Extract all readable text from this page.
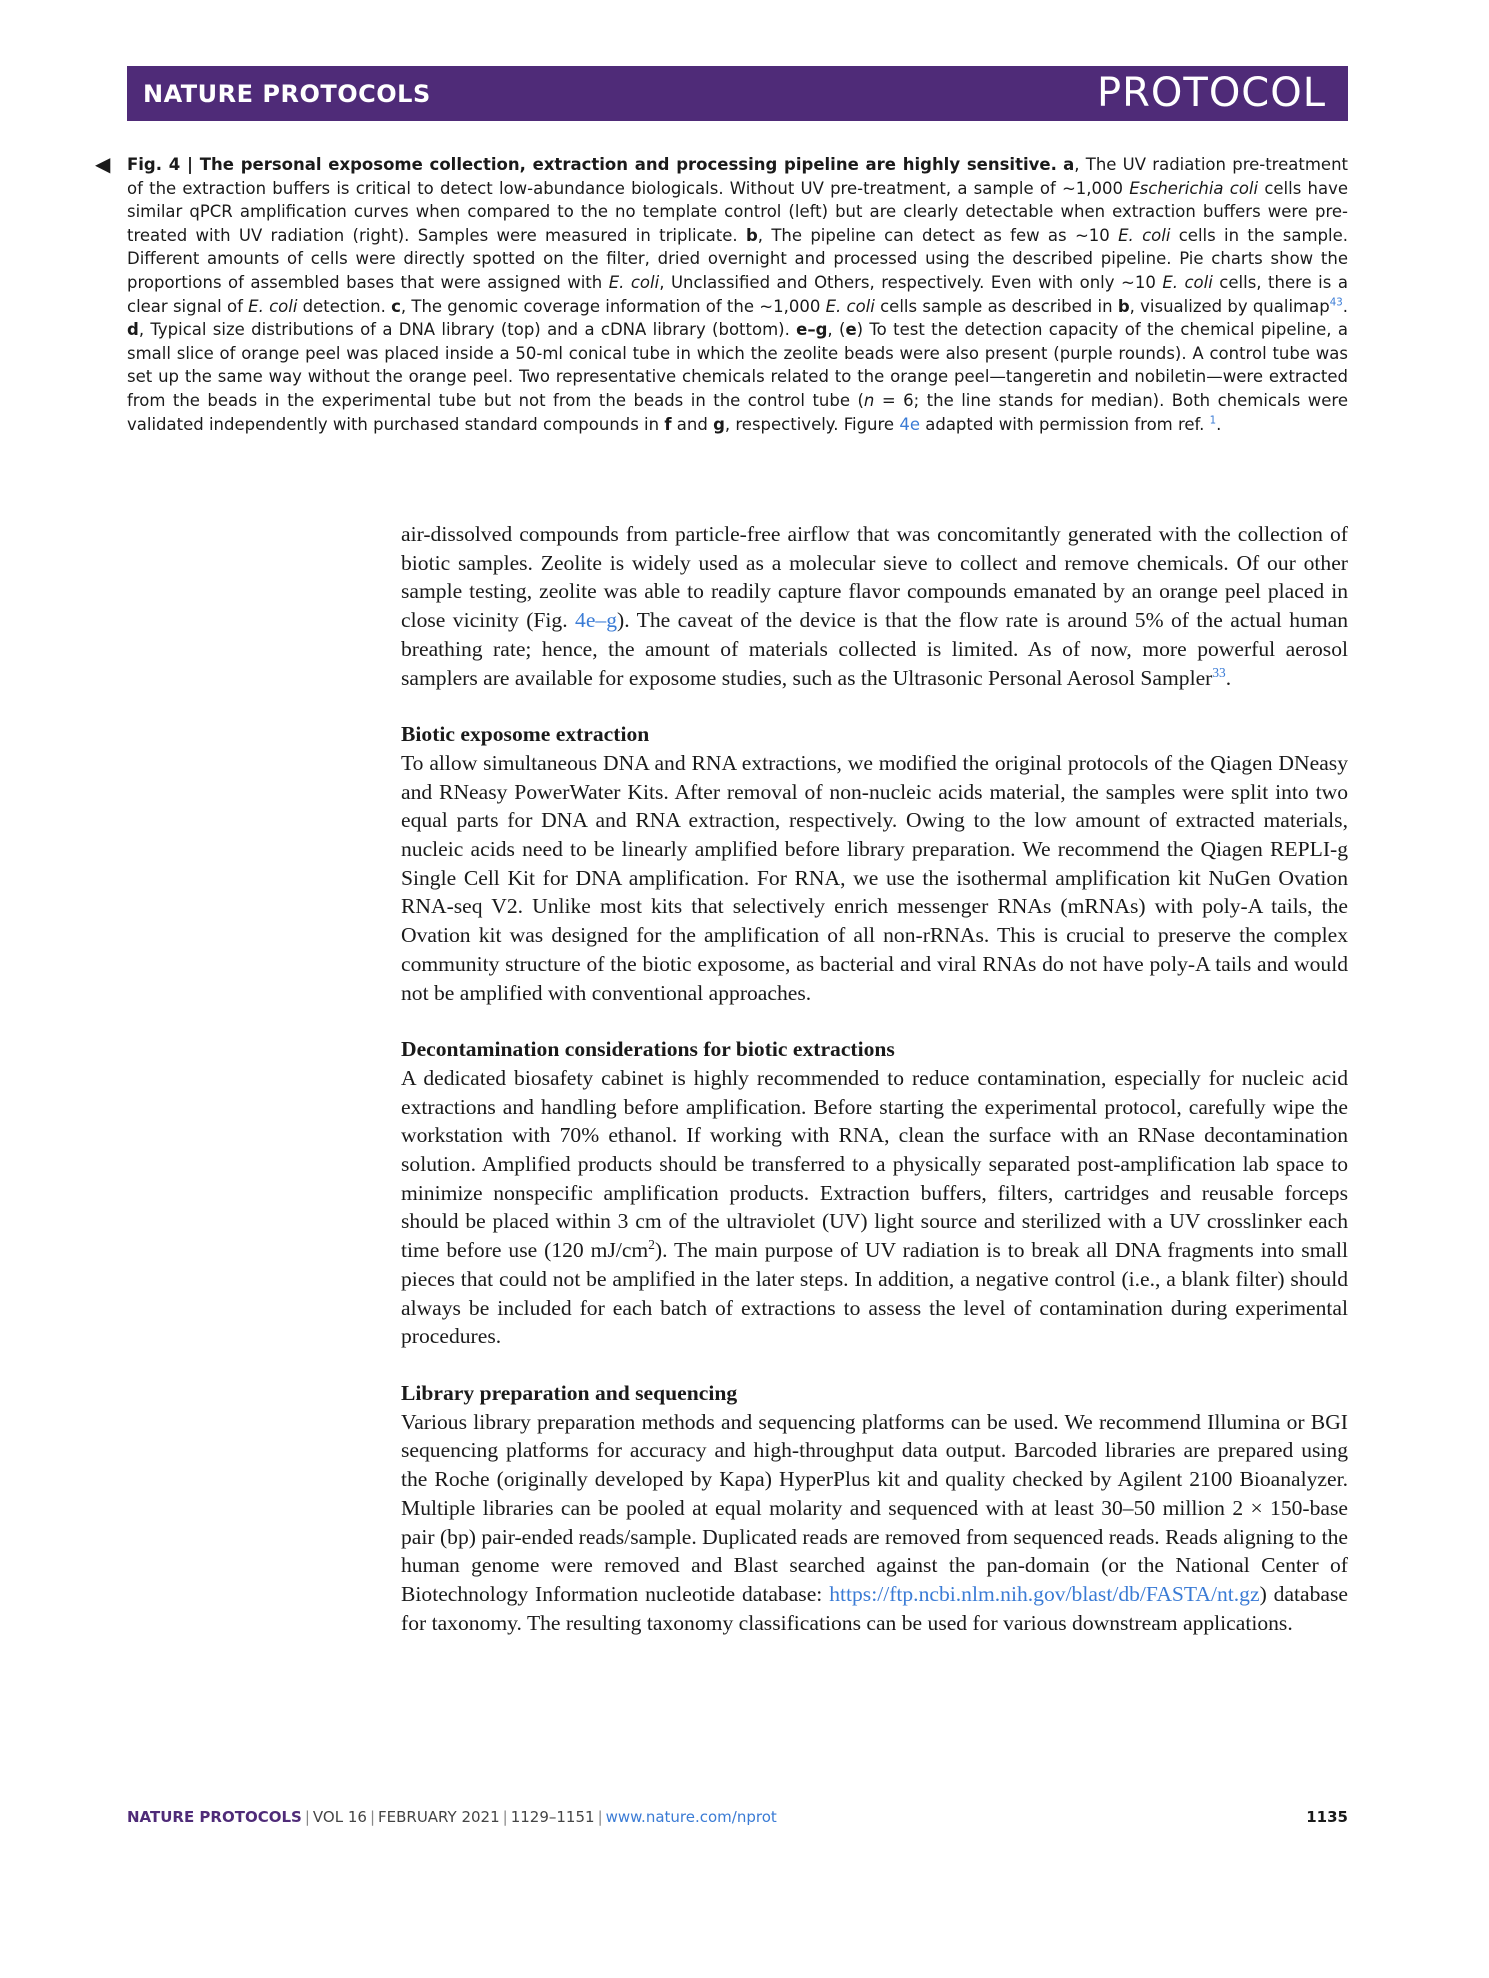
NATURE PROTOCOLS	PROTOCOL
◀ Fig. 4 | The personal exposome collection, extraction and processing pipeline are highly sensitive. a, The UV radiation pre-treatment of the extraction buffers is critical to detect low-abundance biologicals. Without UV pre-treatment, a sample of ~1,000 Escherichia coli cells have similar qPCR amplification curves when compared to the no template control (left) but are clearly detectable when extraction buffers were pre-treated with UV radiation (right). Samples were measured in triplicate. b, The pipeline can detect as few as ~10 E. coli cells in the sample. Different amounts of cells were directly spotted on the filter, dried overnight and processed using the described pipeline. Pie charts show the proportions of assembled bases that were assigned with E. coli, Unclassified and Others, respectively. Even with only ~10 E. coli cells, there is a clear signal of E. coli detection. c, The genomic coverage information of the ~1,000 E. coli cells sample as described in b, visualized by qualimap$^{43}$. d, Typical size distributions of a DNA library (top) and a cDNA library (bottom). e–g, (e) To test the detection capacity of the chemical pipeline, a small slice of orange peel was placed inside a 50-ml conical tube in which the zeolite beads were also present (purple rounds). A control tube was set up the same way without the orange peel. Two representative chemicals related to the orange peel—tangeretin and nobiletin—were extracted from the beads in the experimental tube but not from the beads in the control tube (n = 6; the line stands for median). Both chemicals were validated independently with purchased standard compounds in f and g, respectively. Figure 4e adapted with permission from ref. $^1$.

air-dissolved compounds from particle-free airflow that was concomitantly generated with the collection of biotic samples. Zeolite is widely used as a molecular sieve to collect and remove chemicals. Of our other sample testing, zeolite was able to readily capture flavor compounds emanated by an orange peel placed in close vicinity (Fig. 4e–g). The caveat of the device is that the flow rate is around 5% of the actual human breathing rate; hence, the amount of materials collected is limited. As of now, more powerful aerosol samplers are available for exposome studies, such as the Ultrasonic Personal Aerosol Sampler$^{33}$.

Biotic exposome extraction

To allow simultaneous DNA and RNA extractions, we modified the original protocols of the Qiagen DNeasy and RNeasy PowerWater Kits. After removal of non-nucleic acids material, the samples were split into two equal parts for DNA and RNA extraction, respectively. Owing to the low amount of extracted materials, nucleic acids need to be linearly amplified before library preparation. We recommend the Qiagen REPLI-g Single Cell Kit for DNA amplification. For RNA, we use the isothermal amplification kit NuGen Ovation RNA-seq V2. Unlike most kits that selectively enrich messenger RNAs (mRNAs) with poly-A tails, the Ovation kit was designed for the amplification of all non-rRNAs. This is crucial to preserve the complex community structure of the biotic exposome, as bacterial and viral RNAs do not have poly-A tails and would not be amplified with conventional approaches.

Decontamination considerations for biotic extractions

A dedicated biosafety cabinet is highly recommended to reduce contamination, especially for nucleic acid extractions and handling before amplification. Before starting the experimental protocol, carefully wipe the workstation with 70% ethanol. If working with RNA, clean the surface with an RNase decontamination solution. Amplified products should be transferred to a physically separated post-amplification lab space to minimize nonspecific amplification products. Extraction buffers, filters, cartridges and reusable forceps should be placed within 3 cm of the ultraviolet (UV) light source and sterilized with a UV crosslinker each time before use (120 $mJ/cm^2$). The main purpose of UV radiation is to break all DNA fragments into small pieces that could not be amplified in the later steps. In addition, a negative control (i.e., a blank filter) should always be included for each batch of extractions to assess the level of contamination during experimental procedures.

Library preparation and sequencing

Various library preparation methods and sequencing platforms can be used. We recommend Illumina or BGI sequencing platforms for accuracy and high-throughput data output. Barcoded libraries are prepared using the Roche (originally developed by Kapa) HyperPlus kit and quality checked by Agilent 2100 Bioanalyzer. Multiple libraries can be pooled at equal molarity and sequenced with at least 30–50 million 2 × 150-base pair (bp) pair-ended reads/sample. Duplicated reads are removed from sequenced reads. Reads aligning to the human genome were removed and Blast searched against the pan-domain (or the National Center of Biotechnology Information nucleotide database: https://ftp.ncbi.nlm.nih.gov/blast/db/FASTA/nt.gz) database for taxonomy. The resulting taxonomy classifications can be used for various downstream applications.

NATURE PROTOCOLS | VOL 16 | FEBRUARY 2021 | 1129–1151 | www.nature.com/nprot	1135
